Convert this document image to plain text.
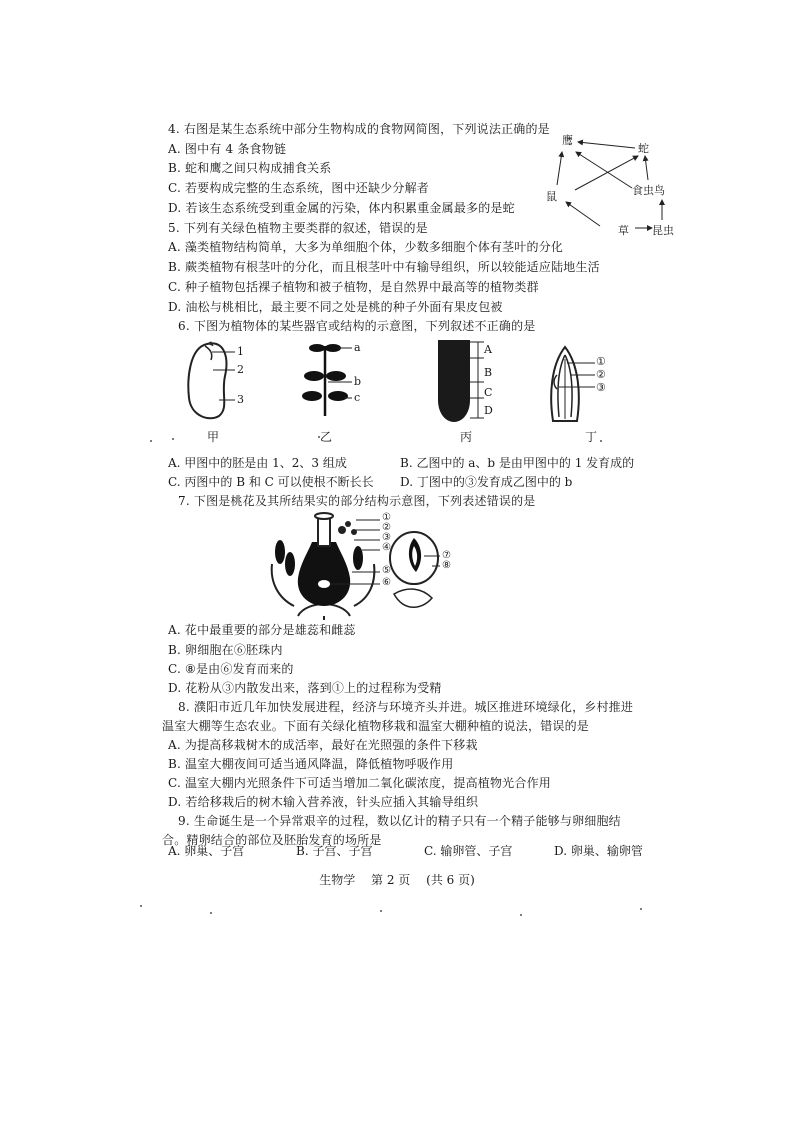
4. 右图是某生态系统中部分生物构成的食物网简图，下列说法正确的是
A. 图中有 4 条食物链
B. 蛇和鹰之间只构成捕食关系
C. 若要构成完整的生态系统，图中还缺少分解者
D. 若该生态系统受到重金属的污染，体内积累重金属最多的是蛇
鹰
蛇
鼠	食虫鸟
草 昆虫
5. 下列有关绿色植物主要类群的叙述，错误的是
A. 藻类植物结构简单，大多为单细胞个体，少数多细胞个体有茎叶的分化
B. 蕨类植物有根茎叶的分化，而且根茎叶中有输导组织，所以较能适应陆地生活
C. 种子植物包括裸子植物和被子植物，是自然界中最高等的植物类群
D. 油松与桃相比，最主要不同之处是桃的种子外面有果皮包被
6. 下图为植物体的某些器官或结构的示意图，下列叙述不正确的是
1
2
3
甲
a
b
c
乙
A
B
C
D
丙
①
②
③
丁
A. 甲图中的胚是由 1、2、3 组成	B. 乙图中的 a、b 是由甲图中的 1 发育成的
C. 丙图中的 B 和 C 可以使根不断长长 D. 丁图中的③发育成乙图中的 b
7. 下图是桃花及其所结果实的部分结构示意图，下列表述错误的是
①
②
③
④
⑤
⑥
⑦
⑧
A. 花中最重要的部分是雄蕊和雌蕊
B. 卵细胞在⑥胚珠内
C. ⑧是由⑥发育而来的
D. 花粉从③内散发出来，落到①上的过程称为受精
8. 濮阳市近几年加快发展进程，经济与环境齐头并进。城区推进环境绿化，乡村推进
温室大棚等生态农业。下面有关绿化植物移栽和温室大棚种植的说法，错误的是
A. 为提高移栽树木的成活率，最好在光照强的条件下移栽
B. 温室大棚夜间可适当通风降温，降低植物呼吸作用
C. 温室大棚内光照条件下可适当增加二氧化碳浓度，提高植物光合作用
D. 若给移栽后的树木输入营养液，针头应插入其输导组织
9. 生命诞生是一个异常艰辛的过程，数以亿计的精子只有一个精子能够与卵细胞结
合。精卵结合的部位及胚胎发育的场所是
A. 卵巢、子宫	B. 子宫、子宫	C. 输卵管、子宫	D. 卵巢、输卵管
生物学 第 2 页 (共 6 页)
